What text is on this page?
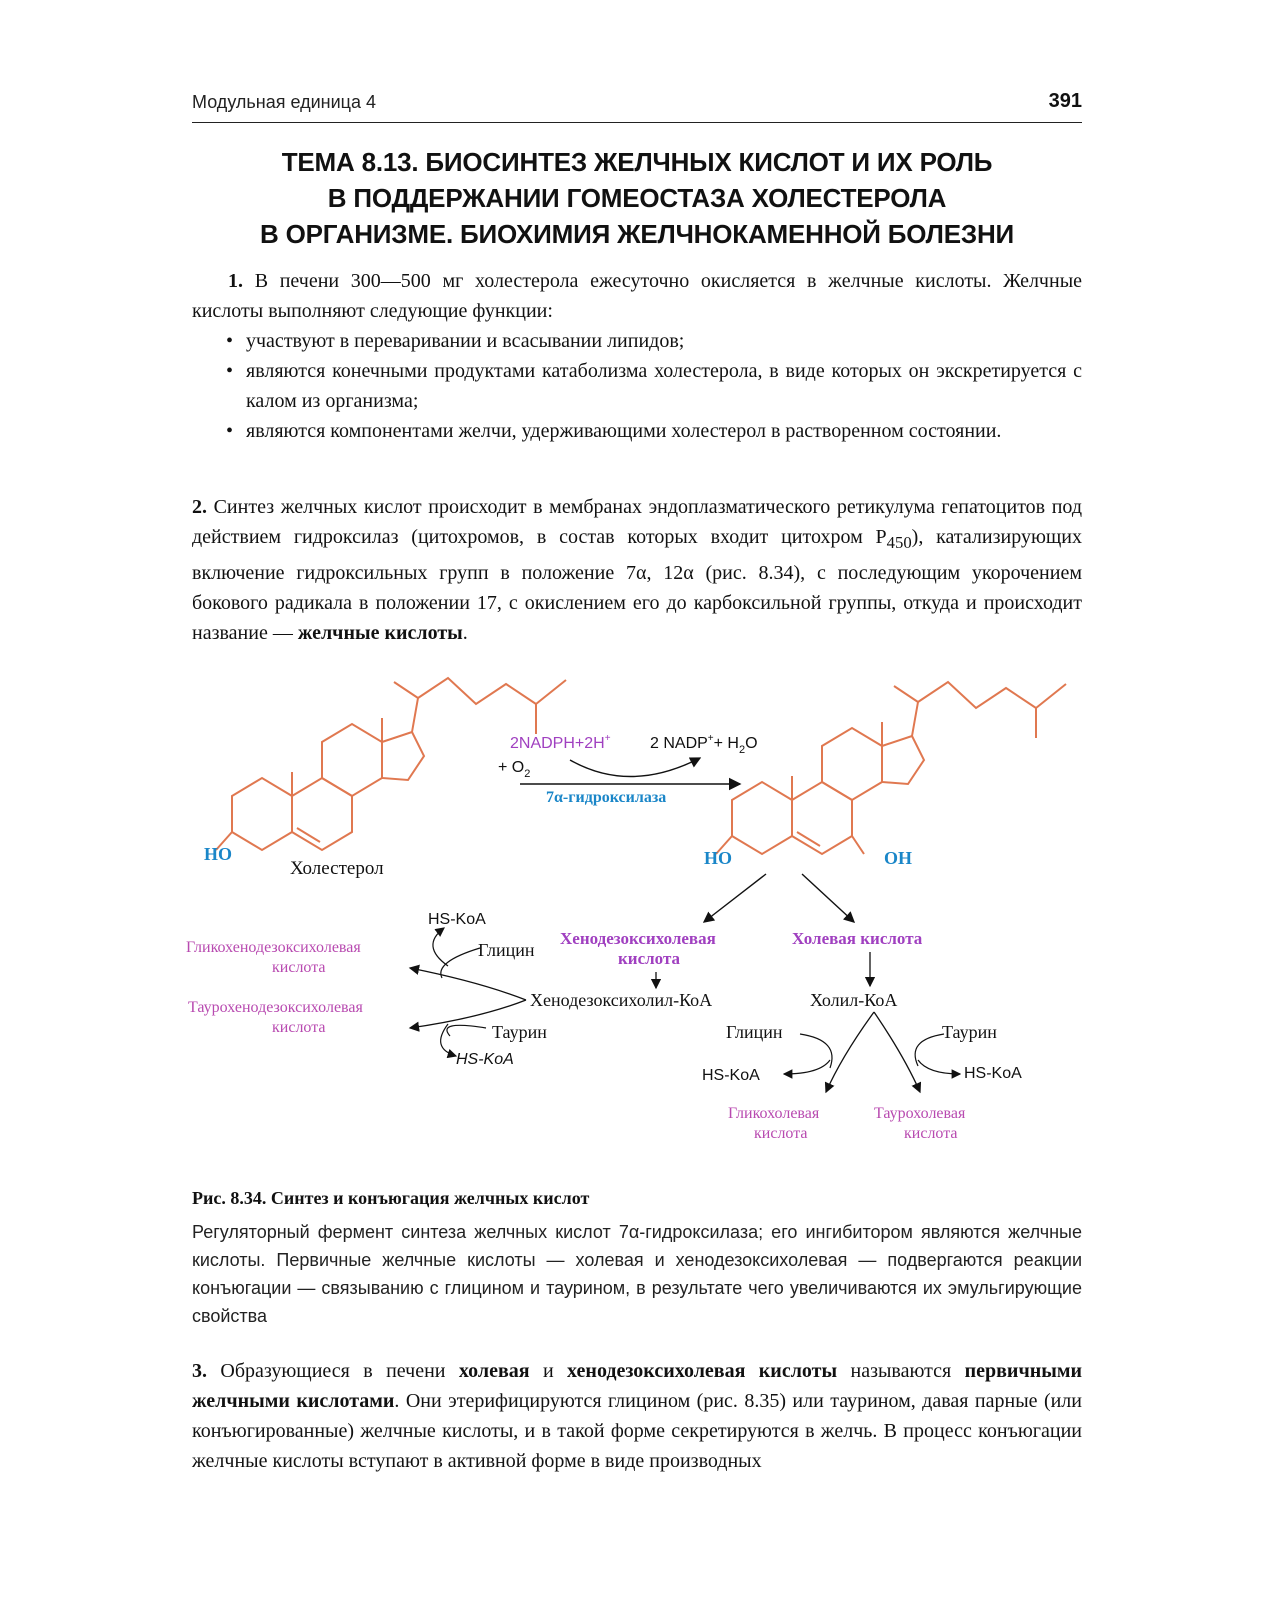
Модульная единица 4	391
ТЕМА 8.13. БИОСИНТЕЗ ЖЕЛЧНЫХ КИСЛОТ И ИХ РОЛЬ
В ПОДДЕРЖАНИИ ГОМЕОСТАЗА ХОЛЕСТЕРОЛА
В ОРГАНИЗМЕ. БИОХИМИЯ ЖЕЛЧНОКАМЕННОЙ БОЛЕЗНИ
1. В печени 300—500 мг холестерола ежесуточно окисляется в желчные кислоты. Желчные кислоты выполняют следующие функции:
• участвуют в переваривании и всасывании липидов;
• являются конечными продуктами катаболизма холестерола, в виде которых он экскретируется с калом из организма;
• являются компонентами желчи, удерживающими холестерол в растворенном состоянии.
2. Синтез желчных кислот происходит в мембранах эндоплазматического ретикулума гепатоцитов под действием гидроксилаз (цитохромов, в состав которых входит цитохром $Р_{450}$), катализирующих включение гидроксильных групп в положение 7α, 12α (рис. 8.34), с последующим укорочением бокового радикала в положении 17, с окислением его до карбоксильной группы, откуда и происходит название — желчные кислоты.
НО
Холестерол
2NADPH+2H+
+ $O_2$
2 NADP++ $H_2O$
7α-гидроксилаза
НО	ОН
Хенодезоксихолевая
кислота
Холевая кислота
Хенодезоксихолил-КоА	Холил-КоА
HS-KoA
Глицин
Таурин
HS-KoA
Гликохенодезоксихолевая
кислота
Таурохенодезоксихолевая
кислота	Глицин	Таурин
HS-KoA	HS-KoA
Гликохолевая
кислота
Таурохолевая
кислота
Рис. 8.34. Синтез и конъюгация желчных кислот
Регуляторный фермент синтеза желчных кислот 7α-гидроксилаза; его ингибитором являются желчные кислоты. Первичные желчные кислоты — холевая и хенодезоксихолевая — подвергаются реакции конъюгации — связыванию с глицином и таурином, в результате чего увеличиваются их эмульгирующие свойства
3. Образующиеся в печени холевая и хенодезоксихолевая кислоты называются первичными желчными кислотами. Они этерифицируются глицином (рис. 8.35) или таурином, давая парные (или конъюгированные) желчные кислоты, и в такой форме секретируются в желчь. В процесс конъюгации желчные кислоты вступают в активной форме в виде производных
